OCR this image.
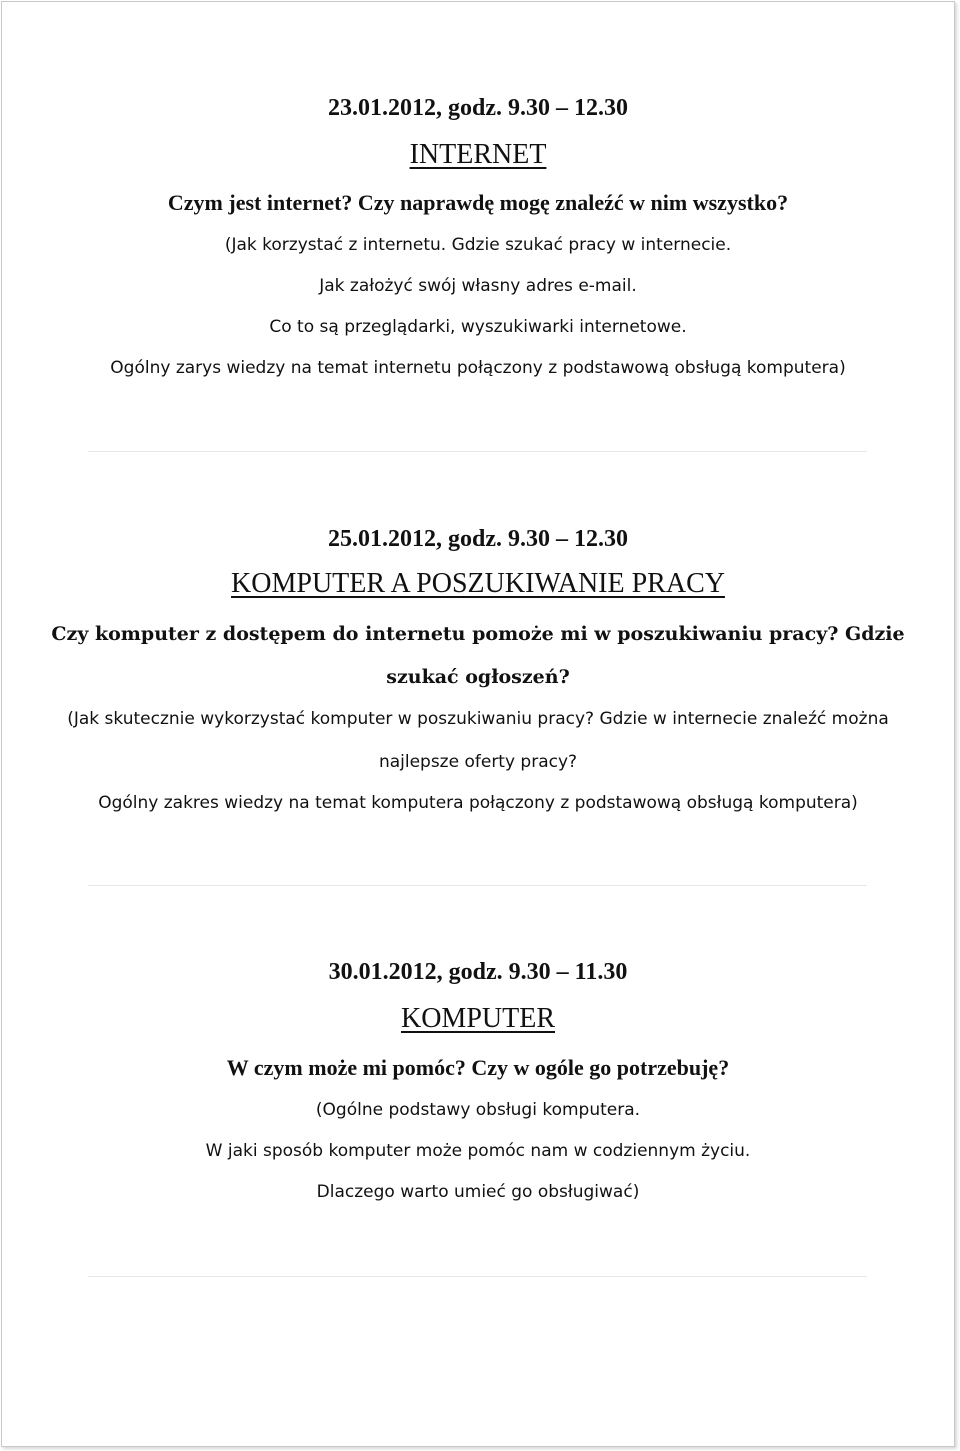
23.01.2012, godz. 9.30 – 12.30
INTERNET
Czym jest internet? Czy naprawdę mogę znaleźć w nim wszystko?
(Jak korzystać z internetu. Gdzie szukać pracy w internecie.
Jak założyć swój własny adres e-mail.
Co to są przeglądarki, wyszukiwarki internetowe.
Ogólny zarys wiedzy na temat internetu połączony z podstawową obsługą komputera)
25.01.2012, godz. 9.30 – 12.30
KOMPUTER A POSZUKIWANIE PRACY
Czy komputer z dostępem do internetu pomoże mi w poszukiwaniu pracy? Gdzie
szukać ogłoszeń?
(Jak skutecznie wykorzystać komputer w poszukiwaniu pracy? Gdzie w internecie znaleźć można
najlepsze oferty pracy?
Ogólny zakres wiedzy na temat komputera połączony z podstawową obsługą komputera)
30.01.2012, godz. 9.30 – 11.30
KOMPUTER
W czym może mi pomóc? Czy w ogóle go potrzebuję?
(Ogólne podstawy obsługi komputera.
W jaki sposób komputer może pomóc nam w codziennym życiu.
Dlaczego warto umieć go obsługiwać)
